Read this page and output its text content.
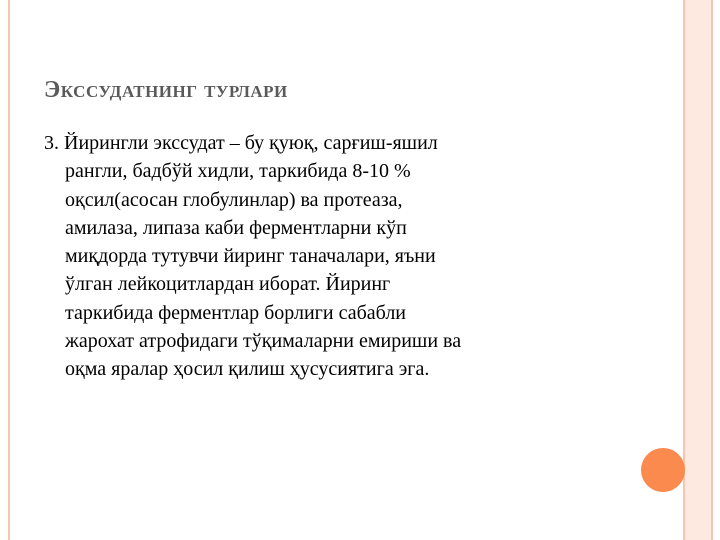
Экссудатнинг турлари

3. Йирингли экссудат – бу қуюқ, сарғиш-яшил
рангли, бадбўй хидли, таркибида 8-10 %
оқсил(асосан глобулинлар) ва протеаза,
амилаза, липаза каби ферментларни кўп
миқдорда тутувчи йиринг таначалари, яъни
ўлган лейкоцитлардан иборат. Йиринг
таркибида ферментлар борлиги сабабли
жарохат атрофидаги тўқималарни емириши ва
оқма яралар ҳосил қилиш ҳусусиятига эга.
